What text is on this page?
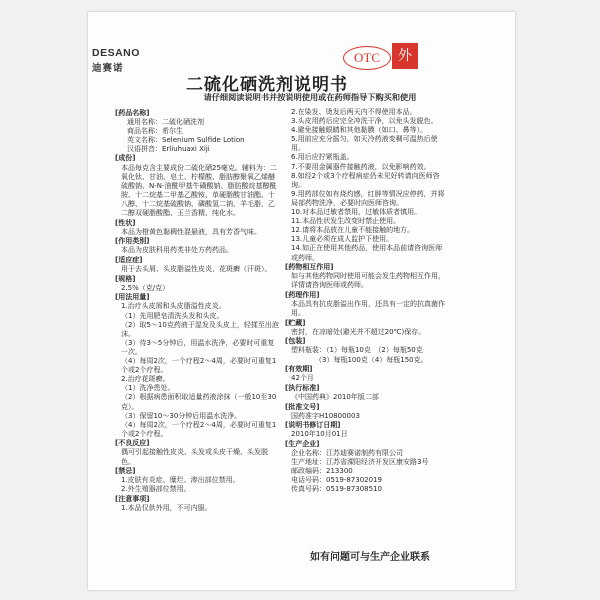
DESANO
迪赛诺
OTC	外
二硫化硒洗剂说明书
请仔细阅读说明书并按说明使用或在药师指导下购买和使用
[ 药品名称 ]
通用名称：二硫化硒洗剂
商品名称：希尔生
英文名称：Selenium Sulfide Lotion
汉语拼音：Erliuhuaxi Xiji
[ 成份 ]
本品每克含主要成份二硫化硒25毫克。辅料为：二氧化钛、甘油、皂土、柠檬酸、脂肪醇聚氧乙烯醚硫酸钠、N-N-油酰甲基牛磺酸钠、脂肪酸烷基醇酰胺、十二烷基二甲基乙酸铵、单硬脂酸甘油酯、十八醇、十二烷基硫酸钠、磷酸氢二钠、羊毛脂、乙二醇双硬脂酸酯、玉兰香精、纯化水。
[ 性状 ]
本品为橙黄色黏稠性混悬液，具有芳香气味。
[ 作用类别 ]
本品为皮肤科用药类非处方药药品。
[ 适应症 ]
用于去头屑、头皮脂溢性皮炎、花斑癣（汗斑）。
[ 规格 ]
2.5%（克/克）
[ 用法用量 ]
1.治疗头皮屑和头皮脂溢性皮炎。
（1）先用肥皂清洗头发和头皮。
（2）取5～10克药液于湿发及头皮上，轻揉至出泡沫。
（3）待3～5分钟后，用温水洗净，必要时可重复一次。
（4）每周2次，一个疗程2～4周，必要时可重复1个或2个疗程。
2.治疗花斑癣。
（1）洗净患处。
（2）根据病患面积取适量药液涂抹（一般10至30克）。
（3）保留10～30分钟后用温水洗净。
（4）每周2次，一个疗程2～4周，必要时可重复1个或2个疗程。
[ 不良反应 ]
偶可引起接触性皮炎、头发或头皮干燥、头发脱色。
[ 禁忌 ]
1.皮肤有炎症、糜烂、渗出部位禁用。
2.外生殖器部位禁用。
[ 注意事项 ]
1.本品仅供外用，不可内服。
2.在染发、烫发后两天内不得使用本品。
3.头皮用药后应完全冲洗干净，以免头发脱色。
4.避免接触眼睛和其他黏膜（如口、鼻等）。
5.用前应充分摇匀，如天冷药液变稠可温热后使用。
6.用后应拧紧瓶盖。
7.不要用金属器件接触药液，以免影响药效。
8.如经2个或3个疗程病症仍未见好转请向医师咨询。
9.用药部位如有烧灼感，红肿等情况应停药，并将局部药物洗净，必要时向医师咨询。
10.对本品过敏者禁用，过敏体质者慎用。
11.本品性状发生改变时禁止使用。
12.请将本品放在儿童不能接触的地方。
13.儿童必须在成人监护下使用。
14.如正在使用其他药品，使用本品前请咨询医师或药师。
[ 药物相互作用 ]
如与其他药物同时使用可能会发生药物相互作用，详情请咨询医师或药师。
[ 药理作用 ]
本品具有抗皮脂溢出作用，还具有一定的抗真菌作用。
[ 贮藏 ]
密封，在凉暗处(避光并不超过20℃)保存。
[ 包装 ]
塑料瓶装：（1）每瓶10克　（2）每瓶50克
（3）每瓶100克（4）每瓶150克。
[ 有效期 ]
42个月
[ 执行标准 ]
《中国药典》2010年版二部
[ 批准文号 ]
国药准字H10800003
[ 说明书修订日期 ]
2010年10月01日
[ 生产企业 ]
企业名称：江苏迪赛诺制药有限公司
生产地址：江苏省溧阳经济开发区康安路3号
邮政编码：213300
电话号码：0519-87302019
传真号码：0519-87308510
如有问题可与生产企业联系
